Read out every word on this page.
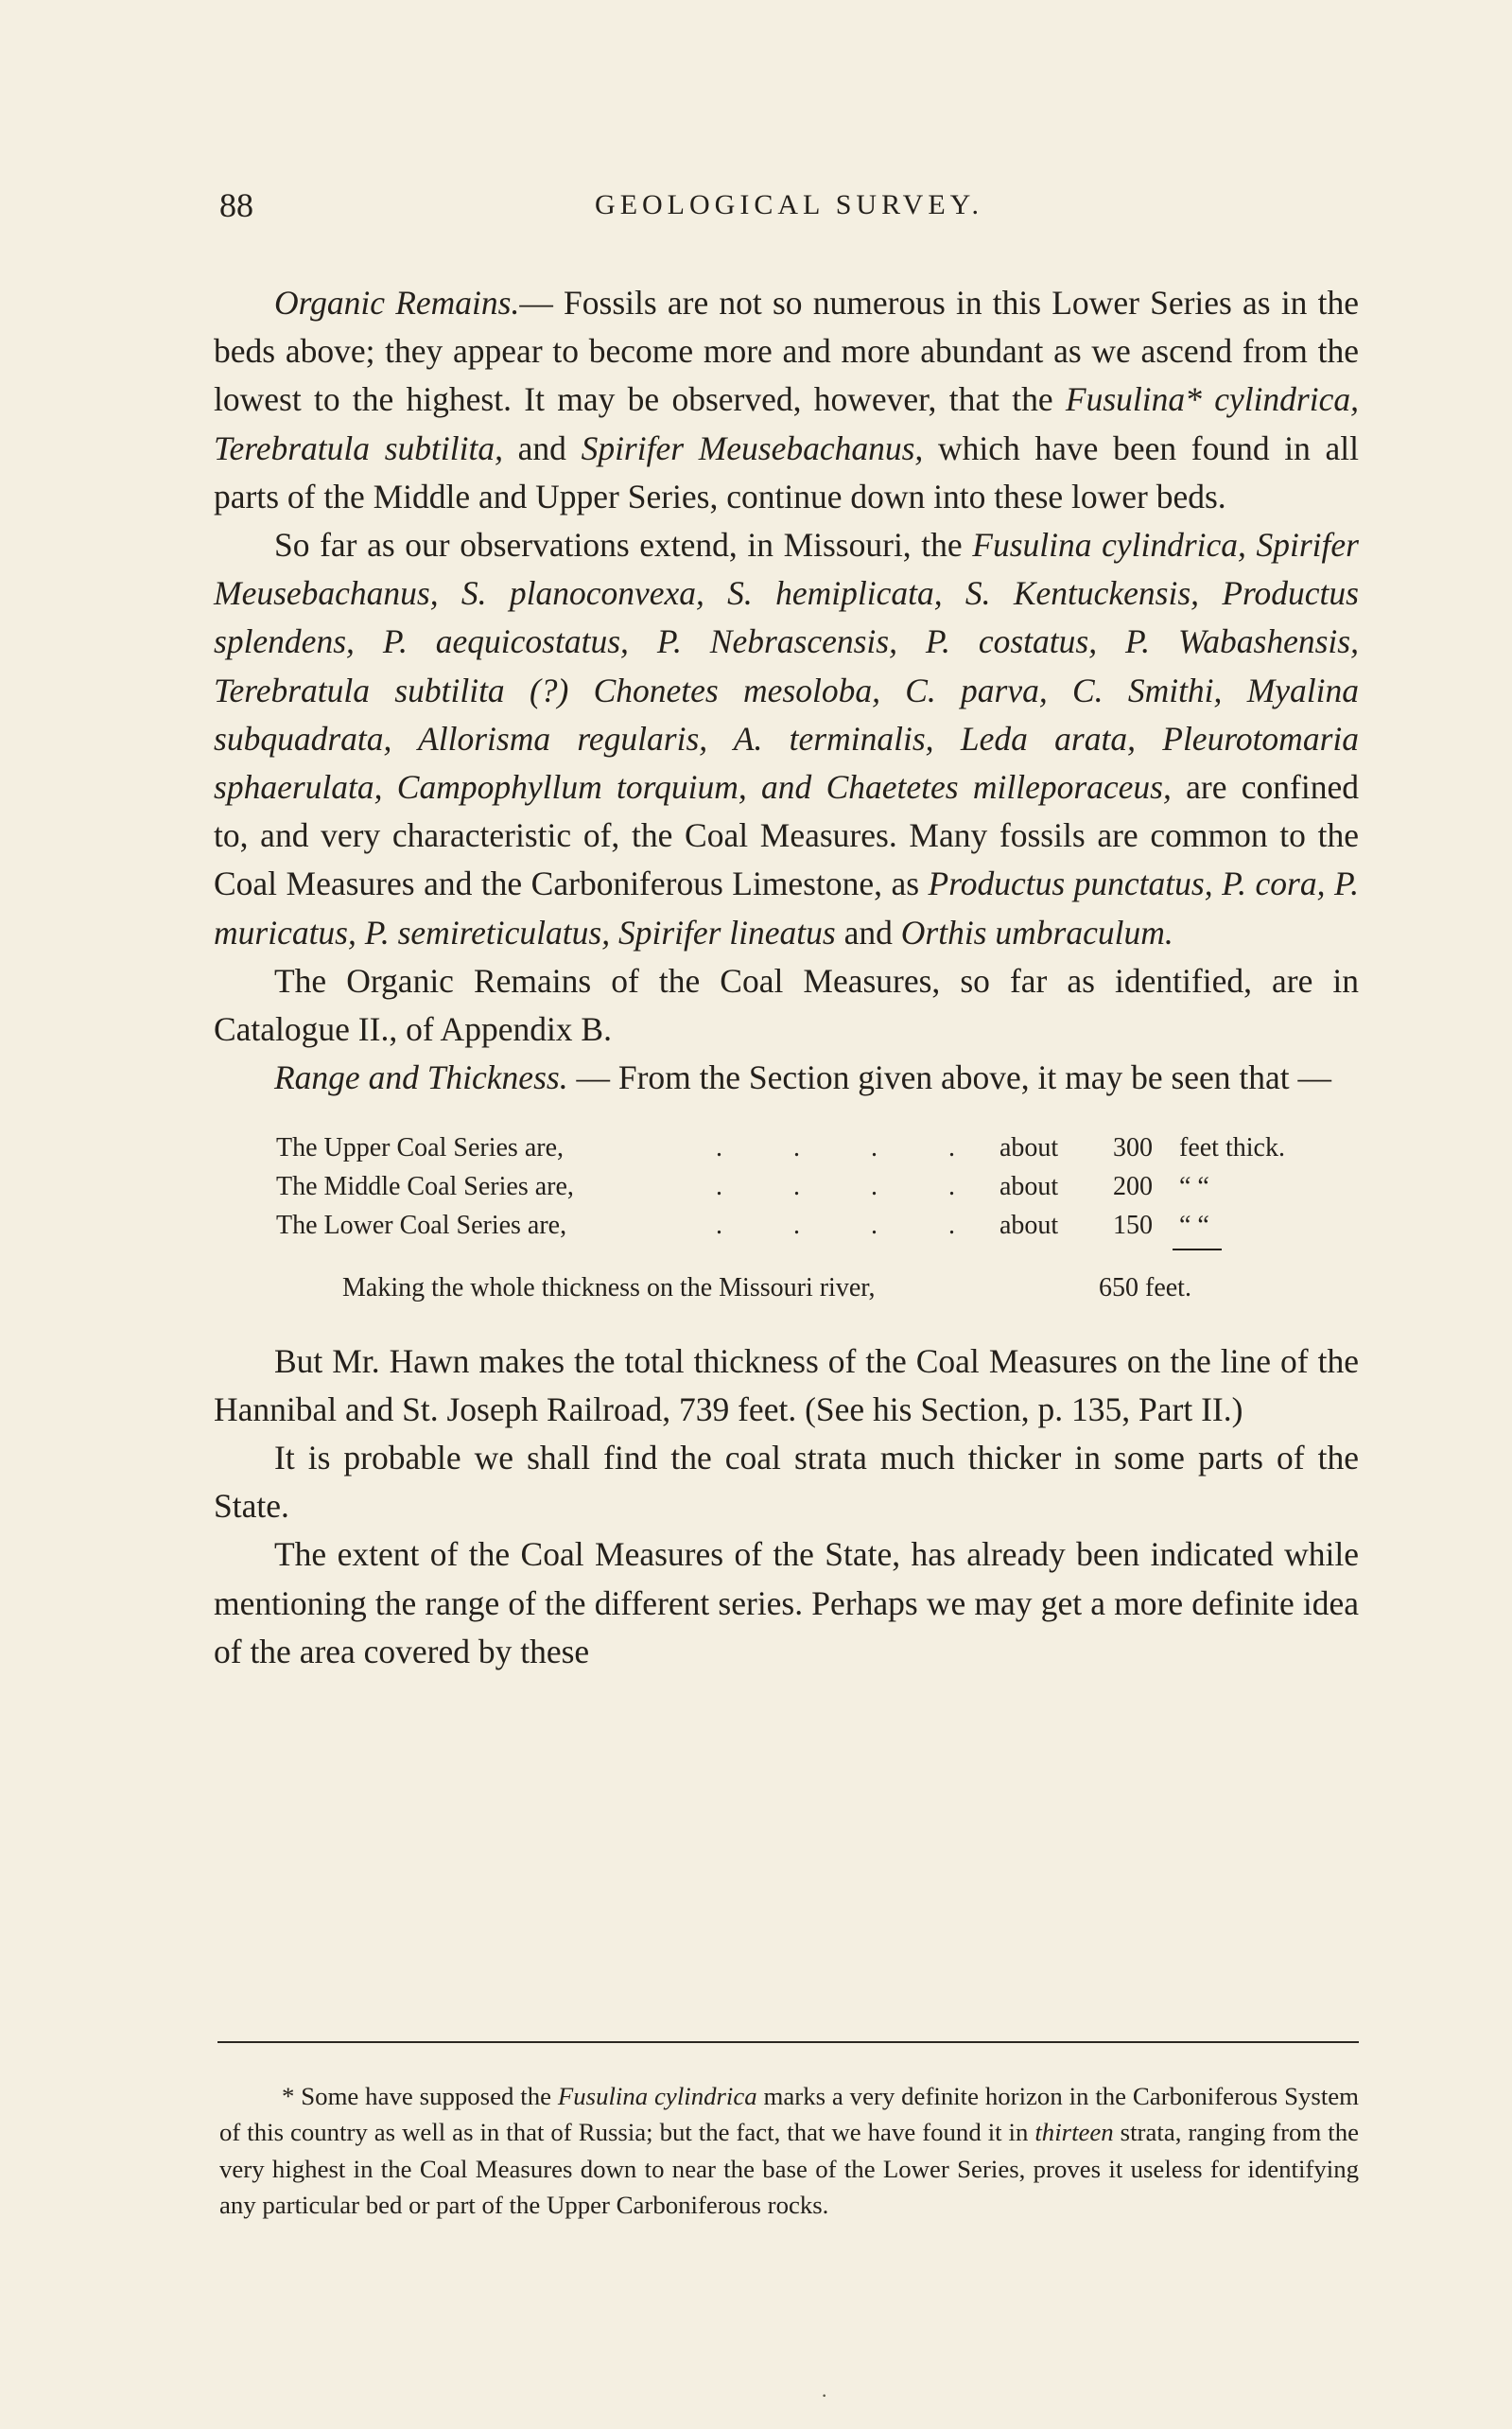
88	GEOLOGICAL SURVEY.

Organic Remains.— Fossils are not so numerous in this Lower Series as in the beds above; they appear to become more and more abundant as we ascend from the lowest to the highest. It may be observed, however, that the Fusulina* cylindrica, Terebratula subtilita, and Spirifer Meusebachanus, which have been found in all parts of the Middle and Upper Series, continue down into these lower beds.

So far as our observations extend, in Missouri, the Fusulina cylindrica, Spirifer Meusebachanus, S. planoconvexa, S. hemiplicata, S. Kentuckensis, Productus splendens, P. aequicostatus, P. Nebrascensis, P. costatus, P. Wabashensis, Terebratula subtilita (?) Chonetes mesoloba, C. parva, C. Smithi, Myalina subquadrata, Allorisma regularis, A. terminalis, Leda arata, Pleurotomaria sphaerulata, Campophyllum torquium, and Chaetetes milleporaceus, are confined to, and very characteristic of, the Coal Measures. Many fossils are common to the Coal Measures and the Carboniferous Limestone, as Productus punctatus, P. cora, P. muricatus, P. semireticulatus, Spirifer lineatus and Orthis umbraculum.

The Organic Remains of the Coal Measures, so far as identified, are in Catalogue II., of Appendix B.

Range and Thickness. — From the Section given above, it may be seen that —

The Upper Coal Series are,	. . . . about	300	feet thick.
The Middle Coal Series are,	. . . . about	200	“ “
The Lower Coal Series are,	. . . . about	150	“ “
Making the whole thickness on the Missouri river,	650 feet.

But Mr. Hawn makes the total thickness of the Coal Measures on the line of the Hannibal and St. Joseph Railroad, 739 feet. (See his Section, p. 135, Part II.)

It is probable we shall find the coal strata much thicker in some parts of the State.

The extent of the Coal Measures of the State, has already been indicated while mentioning the range of the different series. Perhaps we may get a more definite idea of the area covered by these

* Some have supposed the Fusulina cylindrica marks a very definite horizon in the Carboniferous System of this country as well as in that of Russia; but the fact, that we have found it in thirteen strata, ranging from the very highest in the Coal Measures down to near the base of the Lower Series, proves it useless for identifying any particular bed or part of the Upper Carboniferous rocks.

·
